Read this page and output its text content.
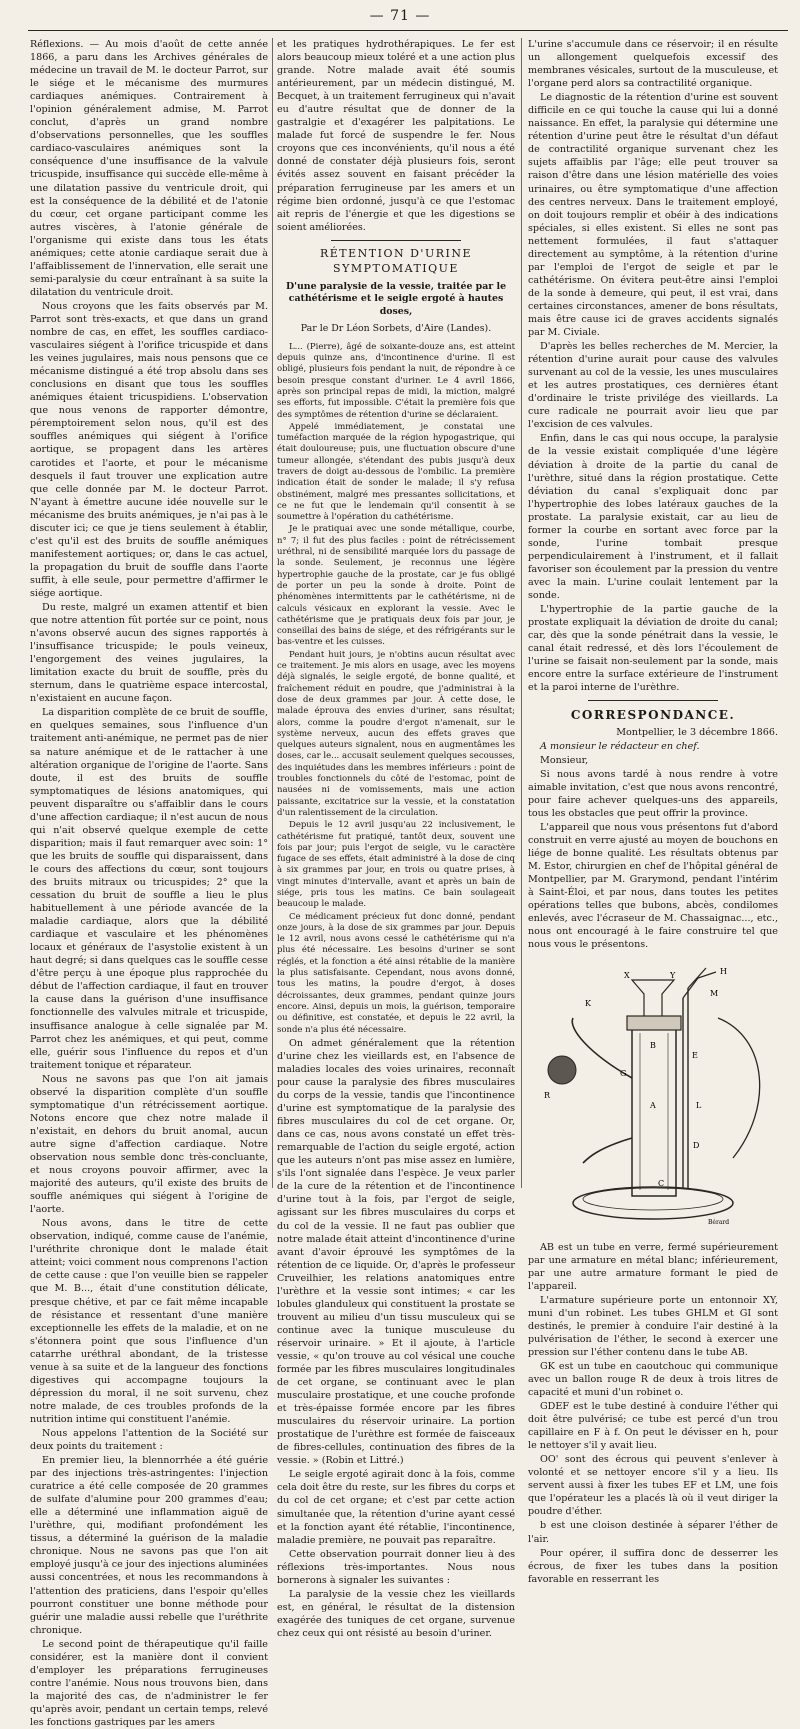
— 71 —

Réflexions. — Au mois d'août de cette année 1866, a paru dans les Archives générales de médecine un travail de M. le docteur Parrot, sur le siége et le mécanisme des murmures cardiaques anémiques. Contrairement à l'opinion généralement admise, M. Parrot conclut, d'après un grand nombre d'observations personnelles, que les souffles cardiaco-vasculaires anémiques sont la conséquence d'une insuffisance de la valvule tricuspide, insuffisance qui succède elle-même à une dilatation passive du ventricule droit, qui est la conséquence de la débilité et de l'atonie du cœur, cet organe participant comme les autres viscères, à l'atonie générale de l'organisme qui existe dans tous les états anémiques; cette atonie cardiaque serait due à l'affaiblissement de l'innervation, elle serait une semi-paralysie du cœur entraînant à sa suite la dilatation du ventricule droit.

Nous croyons que les faits observés par M. Parrot sont très-exacts, et que dans un grand nombre de cas, en effet, les souffles cardiaco-vasculaires siégent à l'orifice tricuspide et dans les veines jugulaires, mais nous pensons que ce mécanisme distingué a été trop absolu dans ses conclusions en disant que tous les souffles anémiques étaient tricuspidiens. L'observation que nous venons de rapporter démontre, péremptoirement selon nous, qu'il est des souffles anémiques qui siégent à l'orifice aortique, se propagent dans les artères carotides et l'aorte, et pour le mécanisme desquels il faut trouver une explication autre que celle donnée par M. le docteur Parrot. N'ayant à émettre aucune idée nouvelle sur le mécanisme des bruits anémiques, je n'ai pas à le discuter ici; ce que je tiens seulement à établir, c'est qu'il est des bruits de souffle anémiques manifestement aortiques; or, dans le cas actuel, la propagation du bruit de souffle dans l'aorte suffit, à elle seule, pour permettre d'affirmer le siége aortique.

Du reste, malgré un examen attentif et bien que notre attention fût portée sur ce point, nous n'avons observé aucun des signes rapportés à l'insuffisance tricuspide; le pouls veineux, l'engorgement des veines jugulaires, la limitation exacte du bruit de souffle, près du sternum, dans le quatrième espace intercostal, n'existaient en aucune façon.

La disparition complète de ce bruit de souffle, en quelques semaines, sous l'influence d'un traitement anti-anémique, ne permet pas de nier sa nature anémique et de le rattacher à une altération organique de l'origine de l'aorte. Sans doute, il est des bruits de souffle symptomatiques de lésions anatomiques, qui peuvent disparaître ou s'affaiblir dans le cours d'une affection cardiaque; il n'est aucun de nous qui n'ait observé quelque exemple de cette disparition; mais il faut remarquer avec soin: 1° que les bruits de souffle qui disparaissent, dans le cours des affections du cœur, sont toujours des bruits mitraux ou tricuspides; 2° que la cessation du bruit de souffle a lieu le plus habituellement à une période avancée de la maladie cardiaque, alors que la débilité cardiaque et vasculaire et les phénomènes locaux et généraux de l'asystolie existent à un haut degré; si dans quelques cas le souffle cesse d'être perçu à une époque plus rapprochée du début de l'affection cardiaque, il faut en trouver la cause dans la guérison d'une insuffisance fonctionnelle des valvules mitrale et tricuspide, insuffisance analogue à celle signalée par M. Parrot chez les anémiques, et qui peut, comme elle, guérir sous l'influence du repos et d'un traitement tonique et réparateur.

Nous ne savons pas que l'on ait jamais observé la disparition complète d'un souffle symptomatique d'un rétrécissement aortique. Notons encore que chez notre malade il n'existait, en dehors du bruit anomal, aucun autre signe d'affection cardiaque. Notre observation nous semble donc très-concluante, et nous croyons pouvoir affirmer, avec la majorité des auteurs, qu'il existe des bruits de souffle anémiques qui siégent à l'origine de l'aorte.

Nous avons, dans le titre de cette observation, indiqué, comme cause de l'anémie, l'uréthrite chronique dont le malade était atteint; voici comment nous comprenons l'action de cette cause : que l'on veuille bien se rappeler que M. B..., était d'une constitution délicate, presque chétive, et par ce fait même incapable de résistance et ressentant d'une manière exceptionnelle les effets de la maladie, et on ne s'étonnera point que sous l'influence d'un catarrhe uréthral abondant, de la tristesse venue à sa suite et de la langueur des fonctions digestives qui accompagne toujours la dépression du moral, il ne soit survenu, chez notre malade, de ces troubles profonds de la nutrition intime qui constituent l'anémie.

Nous appelons l'attention de la Société sur deux points du traitement :

En premier lieu, la blennorrhée a été guérie par des injections très-astringentes: l'injection curatrice a été celle composée de 20 grammes de sulfate d'alumine pour 200 grammes d'eau; elle a déterminé une inflammation aiguë de l'urèthre, qui, modifiant profondément les tissus, a déterminé la guérison de la maladie chronique. Nous ne savons pas que l'on ait employé jusqu'à ce jour des injections aluminées aussi concentrées, et nous les recommandons à l'attention des praticiens, dans l'espoir qu'elles pourront constituer une bonne méthode pour guérir une maladie aussi rebelle que l'uréthrite chronique.

Le second point de thérapeutique qu'il faille considérer, est la manière dont il convient d'employer les préparations ferrugineuses contre l'anémie. Nous nous trouvons bien, dans la majorité des cas, de n'administrer le fer qu'après avoir, pendant un certain temps, relevé les fonctions gastriques par les amers

et les pratiques hydrothérapiques. Le fer est alors beaucoup mieux toléré et a une action plus grande. Notre malade avait été soumis antérieurement, par un médecin distingué, M. Becquet, à un traitement ferrugineux qui n'avait eu d'autre résultat que de donner de la gastralgie et d'exagérer les palpitations. Le malade fut forcé de suspendre le fer. Nous croyons que ces inconvénients, qu'il nous a été donné de constater déjà plusieurs fois, seront évités assez souvent en faisant précéder la préparation ferrugineuse par les amers et un régime bien ordonné, jusqu'à ce que l'estomac ait repris de l'énergie et que les digestions se soient améliorées.

RÉTENTION D'URINE SYMPTOMATIQUE
D'une paralysie de la vessie, traitée par le cathétérisme et le seigle ergoté à hautes doses,
Par le Dr Léon Sorbets, d'Aire (Landes).

L... (Pierre), âgé de soixante-douze ans, est atteint depuis quinze ans, d'incontinence d'urine. Il est obligé, plusieurs fois pendant la nuit, de répondre à ce besoin presque constant d'uriner. Le 4 avril 1866, après son principal repas de midi, la miction, malgré ses efforts, fut impossible. C'était la première fois que des symptômes de rétention d'urine se déclaraient.

Appelé immédiatement, je constatai une tuméfaction marquée de la région hypogastrique, qui était douloureuse; puis, une fluctuation obscure d'une tumeur allongée, s'étendant des pubis jusqu'à deux travers de doigt au-dessous de l'ombilic. La première indication était de sonder le malade; il s'y refusa obstinément, malgré mes pressantes sollicitations, et ce ne fut que le lendemain qu'il consentit à se soumettre à l'opération du cathétérisme.

Je le pratiquai avec une sonde métallique, courbe, n° 7; il fut des plus faciles : point de rétrécissement uréthral, ni de sensibilité marquée lors du passage de la sonde. Seulement, je reconnus une légère hypertrophie gauche de la prostate, car je fus obligé de porter un peu la sonde à droite. Point de phénomènes intermittents par le cathétérisme, ni de calculs vésicaux en explorant la vessie. Avec le cathétérisme que je pratiquais deux fois par jour, je conseillai des bains de siége, et des réfrigérants sur le bas-ventre et les cuisses.

Pendant huit jours, je n'obtins aucun résultat avec ce traitement. Je mis alors en usage, avec les moyens déjà signalés, le seigle ergoté, de bonne qualité, et fraîchement réduit en poudre, que j'administrai à la dose de deux grammes par jour. À cette dose, le malade éprouva des envies d'uriner, sans résultat; alors, comme la poudre d'ergot n'amenait, sur le système nerveux, aucun des effets graves que quelques auteurs signalent, nous en augmentâmes les doses, car le... accusait seulement quelques secousses, des inquiétudes dans les membres inférieurs : point de troubles fonctionnels du côté de l'estomac, point de nausées ni de vomissements, mais une action paissante, excitatrice sur la vessie, et la constatation d'un ralentissement de la circulation.

Depuis le 12 avril jusqu'au 22 inclusivement, le cathétérisme fut pratiqué, tantôt deux, souvent une fois par jour; puis l'ergot de seigle, vu le caractère fugace de ses effets, était administré à la dose de cinq à six grammes par jour, en trois ou quatre prises, à vingt minutes d'intervalle, avant et après un bain de siége, pris tous les matins. Ce bain soulageait beaucoup le malade.

Ce médicament précieux fut donc donné, pendant onze jours, à la dose de six grammes par jour. Depuis le 12 avril, nous avons cessé le cathétérisme qui n'a plus été nécessaire. Les besoins d'uriner se sont réglés, et la fonction a été ainsi rétablie de la manière la plus satisfaisante. Cependant, nous avons donné, tous les matins, la poudre d'ergot, à doses décroissantes, deux grammes, pendant quinze jours encore. Ainsi, depuis un mois, la guérison, temporaire ou définitive, est constatée, et depuis le 22 avril, la sonde n'a plus été nécessaire.

On admet généralement que la rétention d'urine chez les vieillards est, en l'absence de maladies locales des voies urinaires, reconnaît pour cause la paralysie des fibres musculaires du corps de la vessie, tandis que l'incontinence d'urine est symptomatique de la paralysie des fibres musculaires du col de cet organe. Or, dans ce cas, nous avons constaté un effet très-remarquable de l'action du seigle ergoté, action que les auteurs n'ont pas mise assez en lumière, s'ils l'ont signalée dans l'espèce. Je veux parler de la cure de la rétention et de l'incontinence d'urine tout à la fois, par l'ergot de seigle, agissant sur les fibres musculaires du corps et du col de la vessie. Il ne faut pas oublier que notre malade était atteint d'incontinence d'urine avant d'avoir éprouvé les symptômes de la rétention de ce liquide. Or, d'après le professeur Cruveilhier, les relations anatomiques entre l'urèthre et la vessie sont intimes; « car les lobules glanduleux qui constituent la prostate se trouvent au milieu d'un tissu musculeux qui se continue avec la tunique musculeuse du réservoir urinaire. » Et il ajoute, à l'article vessie, « qu'on trouve au col vésical une couche formée par les fibres musculaires longitudinales de cet organe, se continuant avec le plan musculaire prostatique, et une couche profonde et très-épaisse formée encore par les fibres musculaires du réservoir urinaire. La portion prostatique de l'urèthre est formée de faisceaux de fibres-cellules, continuation des fibres de la vessie. » (Robin et Littré.)

Le seigle ergoté agirait donc à la fois, comme cela doit être du reste, sur les fibres du corps et du col de cet organe; et c'est par cette action simultanée que, la rétention d'urine ayant cessé et la fonction ayant été rétablie, l'incontinence, maladie première, ne pouvait pas reparaître.

Cette observation pourrait donner lieu à des réflexions très-importantes. Nous nous bornerons à signaler les suivantes :

La paralysie de la vessie chez les vieillards est, en général, le résultat de la distension exagérée des tuniques de cet organe, survenue chez ceux qui ont résisté au besoin d'uriner.

L'urine s'accumule dans ce réservoir; il en résulte un allongement quelquefois excessif des membranes vésicales, surtout de la musculeuse, et l'organe perd alors sa contractilité organique.

Le diagnostic de la rétention d'urine est souvent difficile en ce qui touche la cause qui lui a donné naissance. En effet, la paralysie qui détermine une rétention d'urine peut être le résultat d'un défaut de contractilité organique survenant chez les sujets affaiblis par l'âge; elle peut trouver sa raison d'être dans une lésion matérielle des voies urinaires, ou être symptomatique d'une affection des centres nerveux. Dans le traitement employé, on doit toujours remplir et obéir à des indications spéciales, si elles existent. Si elles ne sont pas nettement formulées, il faut s'attaquer directement au symptôme, à la rétention d'urine par l'emploi de l'ergot de seigle et par le cathétérisme. On évitera peut-être ainsi l'emploi de la sonde à demeure, qui peut, il est vrai, dans certaines circonstances, amener de bons résultats, mais être cause ici de graves accidents signalés par M. Civiale.

D'après les belles recherches de M. Mercier, la rétention d'urine aurait pour cause des valvules survenant au col de la vessie, les unes musculaires et les autres prostatiques, ces dernières étant d'ordinaire le triste privilége des vieillards. La cure radicale ne pourrait avoir lieu que par l'excision de ces valvules.

Enfin, dans le cas qui nous occupe, la paralysie de la vessie existait compliquée d'une légère déviation à droite de la partie du canal de l'urèthre, situé dans la région prostatique. Cette déviation du canal s'expliquait donc par l'hypertrophie des lobes latéraux gauches de la prostate. La paralysie existait, car au lieu de former la courbe en sortant avec force par la sonde, l'urine tombait presque perpendiculairement à l'instrument, et il fallait favoriser son écoulement par la pression du ventre avec la main. L'urine coulait lentement par la sonde.

L'hypertrophie de la partie gauche de la prostate expliquait la déviation de droite du canal; car, dès que la sonde pénétrait dans la vessie, le canal était redressé, et dès lors l'écoulement de l'urine se faisait non-seulement par la sonde, mais encore entre la surface extérieure de l'instrument et la paroi interne de l'urèthre.

CORRESPONDANCE.

Montpellier, le 3 décembre 1866.

A monsieur le rédacteur en chef.

Monsieur,

Si nous avons tardé à nous rendre à votre aimable invitation, c'est que nous avons rencontré, pour faire achever quelques-uns des appareils, tous les obstacles que peut offrir la province.

L'appareil que nous vous présentons fut d'abord construit en verre ajusté au moyen de bouchons en liége de bonne qualité. Les résultats obtenus par M. Estor, chirurgien en chef de l'hôpital général de Montpellier, par M. Grarymond, pendant l'intérim à Saint-Éloi, et par nous, dans toutes les petites opérations telles que bubons, abcès, condilomes enlevés, avec l'écraseur de M. Chassaignac..., etc., nous ont encouragé à le faire construire tel que nous vous le présentons.

K
H
Y
X
M
E
B
G
A	L
D
R
C
Bérard

AB est un tube en verre, fermé supérieurement par une armature en métal blanc; inférieurement, par une autre armature formant le pied de l'appareil.

L'armature supérieure porte un entonnoir XY, muni d'un robinet. Les tubes GHLM et GI sont destinés, le premier à conduire l'air destiné à la pulvérisation de l'éther, le second à exercer une pression sur l'éther contenu dans le tube AB.

GK est un tube en caoutchouc qui communique avec un ballon rouge R de deux à trois litres de capacité et muni d'un robinet o.

GDEF est le tube destiné à conduire l'éther qui doit être pulvérisé; ce tube est percé d'un trou capillaire en F à f. On peut le dévisser en h, pour le nettoyer s'il y avait lieu.

OO' sont des écrous qui peuvent s'enlever à volonté et se nettoyer encore s'il y a lieu. Ils servent aussi à fixer les tubes EF et LM, une fois que l'opérateur les a placés là où il veut diriger la poudre d'éther.

b est une cloison destinée à séparer l'éther de l'air.

Pour opérer, il suffira donc de desserrer les écrous, de fixer les tubes dans la position favorable en resserrant les
